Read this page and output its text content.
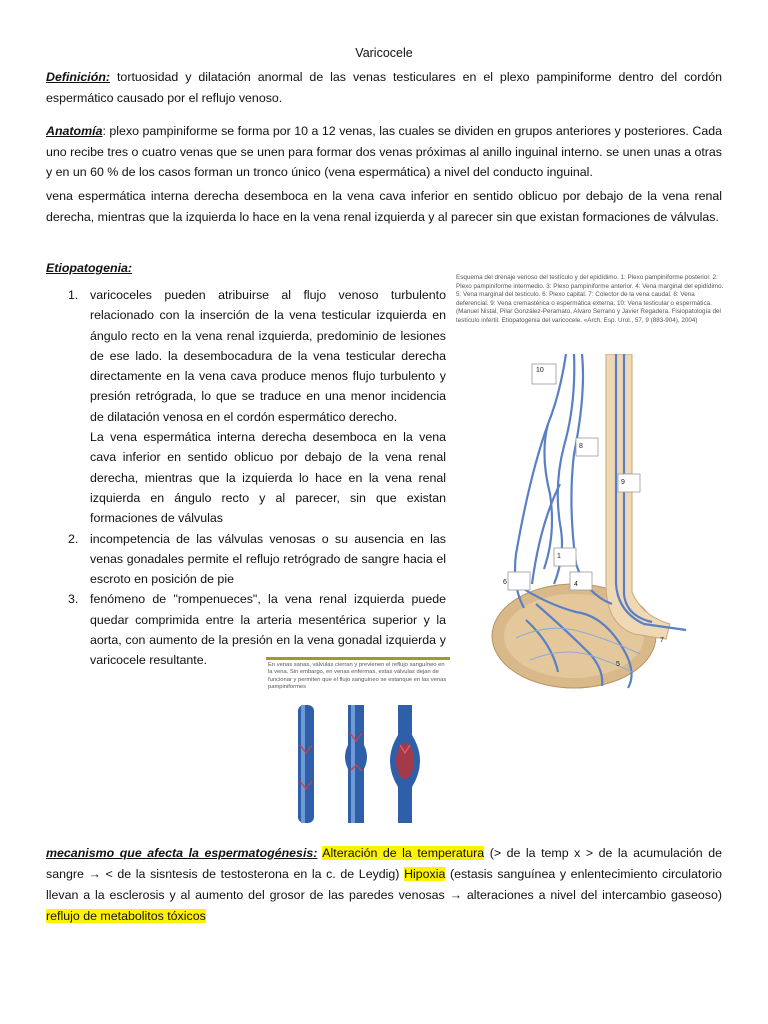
Varicocele

Definición: tortuosidad y dilatación anormal de las venas testiculares en el plexo pampiniforme dentro del cordón espermático causado por el reflujo venoso.

Anatomía: plexo pampiniforme se forma por 10 a 12 venas, las cuales se dividen en grupos anteriores y posteriores. Cada uno recibe tres o cuatro venas que se unen para formar dos venas próximas al anillo inguinal interno. se unen unas a otras y en un 60 % de los casos forman un tronco único (vena espermática) a nivel del conducto inguinal.

vena espermática interna derecha desemboca en la vena cava inferior en sentido oblicuo por debajo de la vena renal derecha, mientras que la izquierda lo hace en la vena renal izquierda y al parecer sin que existan formaciones de válvulas.

Etiopatogenia:

1. varicoceles pueden atribuirse al flujo venoso turbulento relacionado con la inserción de la vena testicular izquierda en ángulo recto en la vena renal izquierda, predominio de lesiones de ese lado. la desembocadura de la vena testicular derecha directamente en la vena cava produce menos flujo turbulento y presión retrógrada, lo que se traduce en una menor incidencia de dilatación venosa en el cordón espermático derecho.
La vena espermática interna derecha desemboca en la vena cava inferior en sentido oblicuo por debajo de la vena renal derecha, mientras que la izquierda lo hace en la vena renal izquierda en ángulo recto y al parecer, sin que existan formaciones de válvulas
2. incompetencia de las válvulas venosas o su ausencia en las venas gonadales permite el reflujo retrógrado de sangre hacia el escroto en posición de pie
3. fenómeno de "rompenueces", la vena renal izquierda puede quedar comprimida entre la arteria mesentérica superior y la aorta, con aumento de la presión en la vena gonadal izquierda y varicocele resultante.

Esquema del drenaje venoso del testículo y del epidídimo. 1: Plexo pampiniforme posterior. 2: Plexo pampiniforme intermedio. 3: Plexo pampiniforme anterior. 4: Vena marginal del epidídimo. 5: Vena marginal del testículo. 6: Plexo capital. 7: Colector de la vena caudal. 8: Vena deferencial. 9: Vena cremastérica o espermática externa. 10: Vena testicular o espermática. (Manuel Nistal, Pilar González-Peramato, Alvaro Serrano y Javier Regadera. Fisiopatología del testículo infértil. Etiopatogenia del varicocele. «Arch. Esp. Urol., 57, 9 (883-904), 2004)

10
8
9
1
6	4
7
5

En venas sanas, válvulas cierran y previenen el reflujo sanguíneo en la vena. Sin embargo, en venas enfermas, estas válvulas dejan de funcionar y permiten que el flujo sanguíneo se estanque en las venas pampiniformes

mecanismo que afecta la espermatogénesis: Alteración de la temperatura (> de la temp x > de la acumulación de sangre → < de la sisntesis de testosterona en la c. de Leydig) Hipoxia (estasis sanguínea y enlentecimiento circulatorio llevan a la esclerosis y al aumento del grosor de las paredes venosas → alteraciones a nivel del intercambio gaseoso) reflujo de metabolitos tóxicos
